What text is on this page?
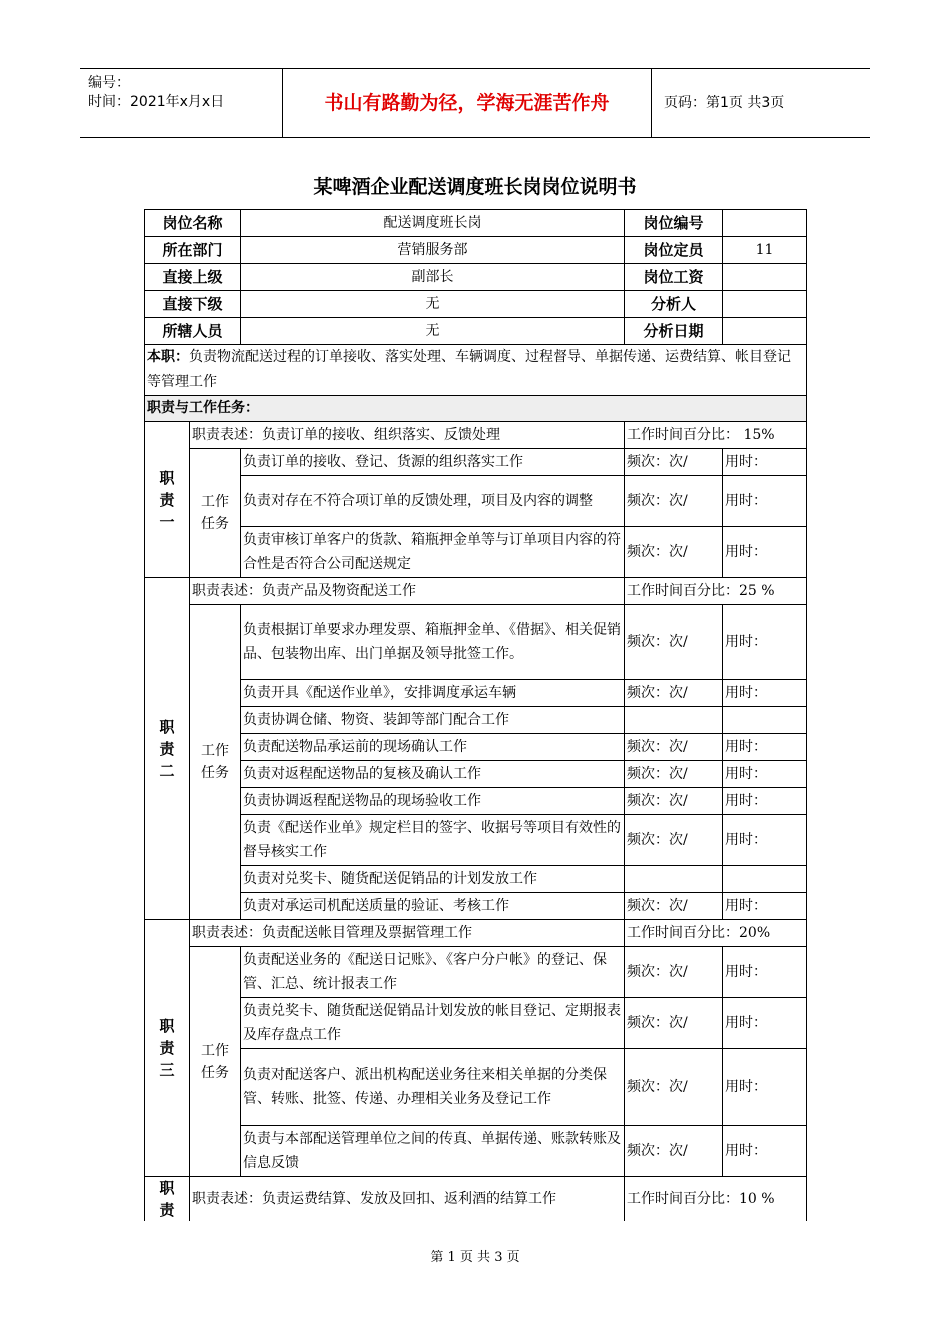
编号：
时间：2021年x月x日	书山有路勤为径，学海无涯苦作舟	页码：第1页 共3页
某啤酒企业配送调度班长岗岗位说明书
岗位名称	配送调度班长岗	岗位编号	
所在部门	营销服务部	岗位定员	11
直接上级	副部长	岗位工资	
直接下级	无	分析人	
所辖人员	无	分析日期	
本职：负责物流配送过程的订单接收、落实处理、车辆调度、过程督导、单据传递、运费结算、帐目登记等管理工作			
职责与工作任务：			
职责一	职责表述：负责订单的接收、组织落实、反馈处理		工作时间百分比： 15%	
	工作任务	负责订单的接收、登记、货源的组织落实工作	频次：次/	用时：
		负责对存在不符合项订单的反馈处理，项目及内容的调整	频次：次/	用时：
		负责审核订单客户的货款、箱瓶押金单等与订单项目内容的符合性是否符合公司配送规定	频次：次/	用时：
职责二	职责表述：负责产品及物资配送工作		工作时间百分比：25 %	
	工作任务	负责根据订单要求办理发票、箱瓶押金单、《借据》、相关促销品、包装物出库、出门单据及领导批签工作。	频次：次/	用时：
		负责开具《配送作业单》，安排调度承运车辆	频次：次/	用时：
		负责协调仓储、物资、装卸等部门配合工作		
		负责配送物品承运前的现场确认工作	频次：次/	用时：
		负责对返程配送物品的复核及确认工作	频次：次/	用时：
		负责协调返程配送物品的现场验收工作	频次：次/	用时：
		负责《配送作业单》规定栏目的签字、收据号等项目有效性的督导核实工作	频次：次/	用时：
		负责对兑奖卡、随货配送促销品的计划发放工作		
		负责对承运司机配送质量的验证、考核工作	频次：次/	用时：
职责三	职责表述：负责配送帐目管理及票据管理工作		工作时间百分比：20%	
	工作任务	负责配送业务的《配送日记账》、《客户分户帐》的登记、保管、汇总、统计报表工作	频次：次/	用时：
		负责兑奖卡、随货配送促销品计划发放的帐目登记、定期报表及库存盘点工作	频次：次/	用时：
		负责对配送客户、派出机构配送业务往来相关单据的分类保管、转账、批签、传递、办理相关业务及登记工作	频次：次/	用时：
		负责与本部配送管理单位之间的传真、单据传递、账款转账及信息反馈	频次：次/	用时：
职责	职责表述：负责运费结算、发放及回扣、返利酒的结算工作		工作时间百分比：10 %	
第 1 页 共 3 页
